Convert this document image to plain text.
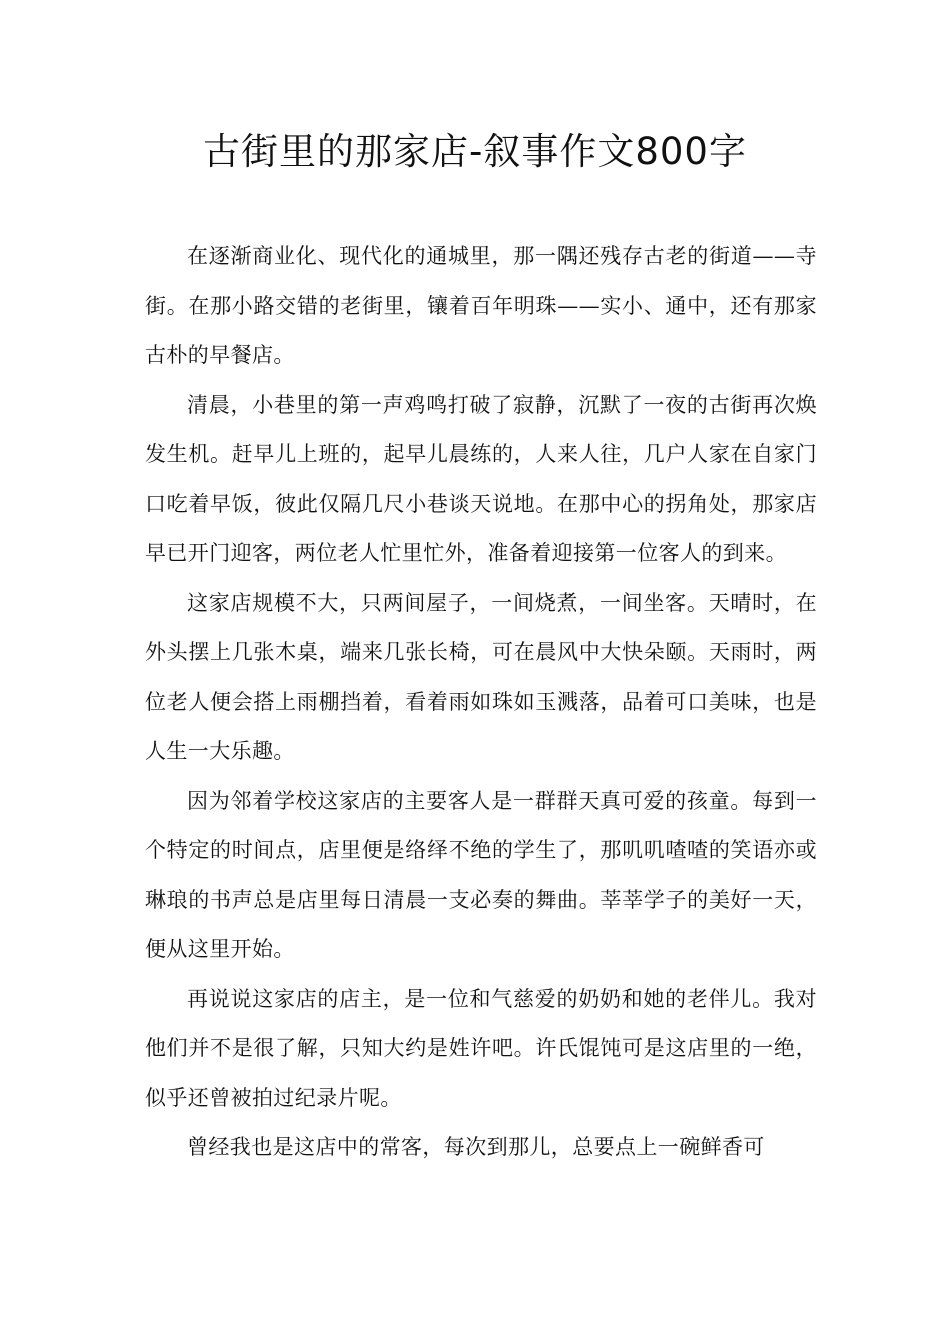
古街里的那家店-叙事作文800字

在逐渐商业化、现代化的通城里，那一隅还残存古老的街道——寺街。在那小路交错的老街里，镶着百年明珠——实小、通中，还有那家古朴的早餐店。

清晨，小巷里的第一声鸡鸣打破了寂静，沉默了一夜的古街再次焕发生机。赶早儿上班的，起早儿晨练的，人来人往，几户人家在自家门口吃着早饭，彼此仅隔几尺小巷谈天说地。在那中心的拐角处，那家店早已开门迎客，两位老人忙里忙外，准备着迎接第一位客人的到来。

这家店规模不大，只两间屋子，一间烧煮，一间坐客。天晴时，在外头摆上几张木桌，端来几张长椅，可在晨风中大快朵颐。天雨时，两位老人便会搭上雨棚挡着，看着雨如珠如玉溅落，品着可口美味，也是人生一大乐趣。

因为邻着学校这家店的主要客人是一群群天真可爱的孩童。每到一个特定的时间点，店里便是络绎不绝的学生了，那叽叽喳喳的笑语亦或琳琅的书声总是店里每日清晨一支必奏的舞曲。莘莘学子的美好一天，便从这里开始。

再说说这家店的店主，是一位和气慈爱的奶奶和她的老伴儿。我对他们并不是很了解，只知大约是姓许吧。许氏馄饨可是这店里的一绝，似乎还曾被拍过纪录片呢。

曾经我也是这店中的常客，每次到那儿，总要点上一碗鲜香可
